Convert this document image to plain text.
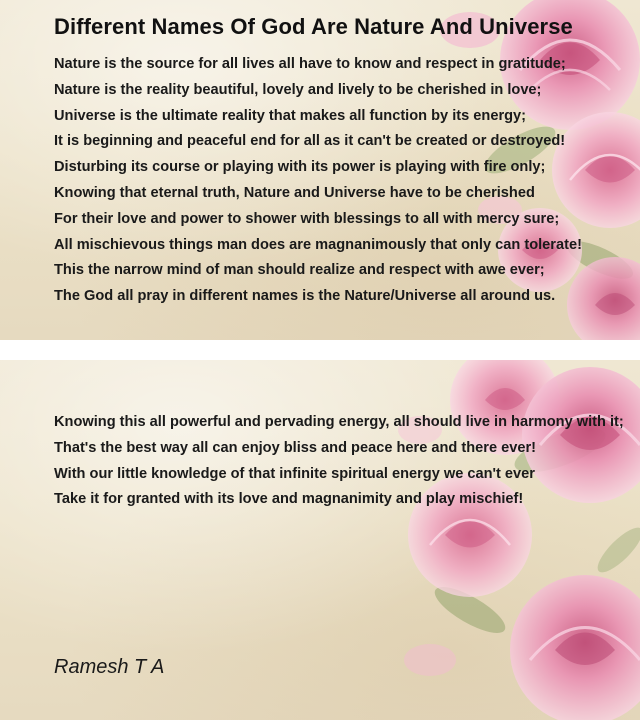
Different Names Of God Are Nature And Universe
Nature is the source for all lives all have to know and respect in gratitude;
Nature is the reality beautiful, lovely and lively to be cherished in love;
Universe is the ultimate reality that makes all function by its energy;
It is beginning and peaceful end for all as it can't be created or destroyed!
Disturbing its course or playing with its power is playing with fire only;
Knowing that eternal truth, Nature and Universe have to be cherished
For their love and power to shower with blessings to all with mercy sure;
All mischievous things man does are magnanimously that only can tolerate!
This the narrow mind of man should realize and respect with awe ever;
The God all pray in different names is the Nature/Universe all around us.
Knowing this all powerful and pervading energy, all should live in harmony with it;
That's the best way all can enjoy bliss and peace here and there ever!
With our little knowledge of that infinite spiritual energy we can't ever
Take it for granted with its love and magnanimity and play mischief!
Ramesh T A
